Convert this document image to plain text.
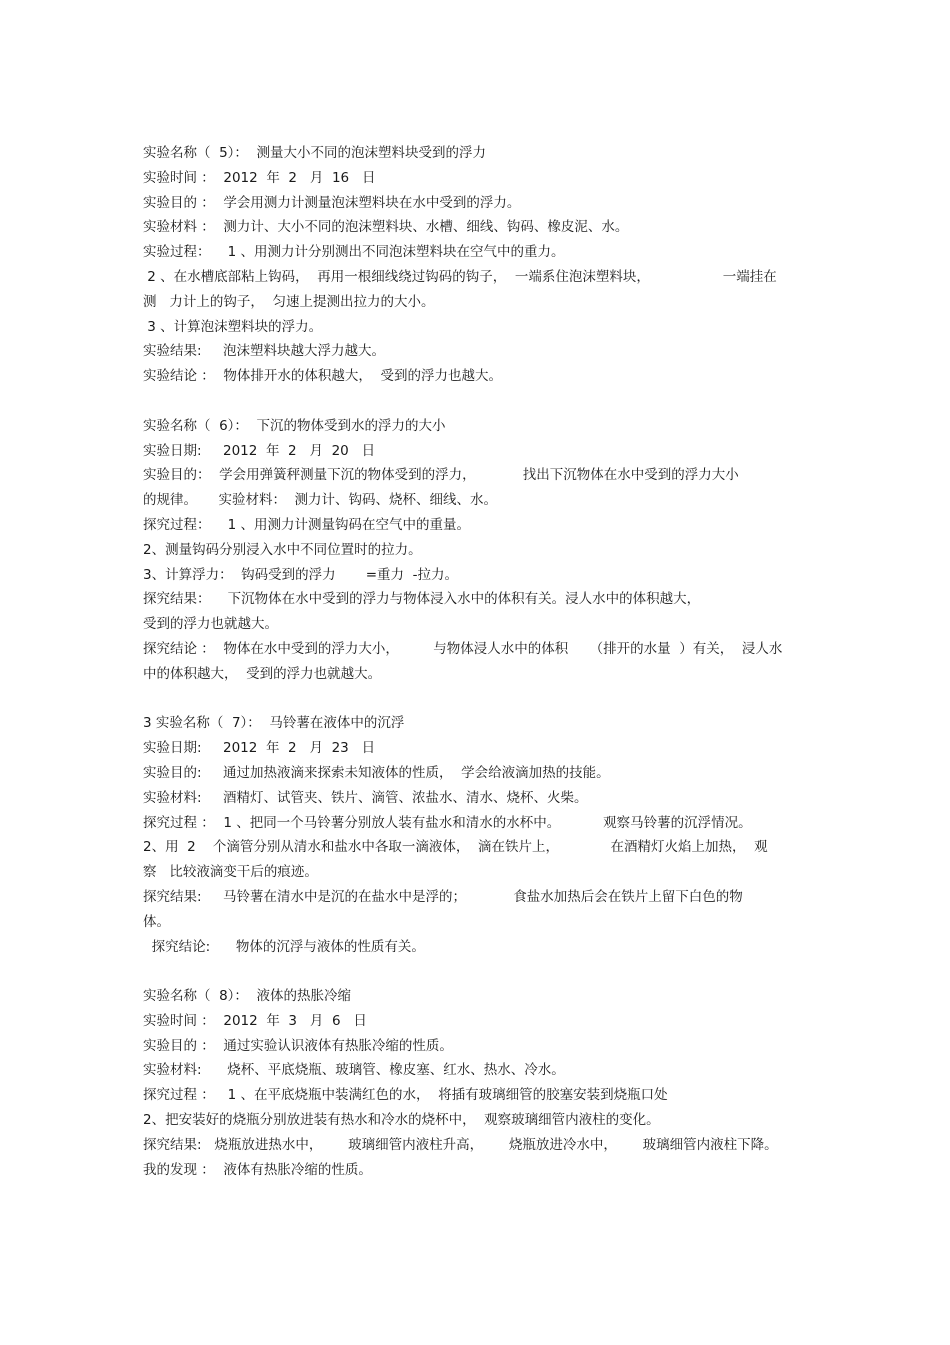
实验名称（  5）：  测量大小不同的泡沫塑料块受到的浮力
实验时间 ：  2012  年  2   月  16   日
实验目的 ：  学会用测力计测量泡沫塑料块在水中受到的浮力。
实验材料 ：  测力计、大小不同的泡沫塑料块、水槽、细线、钩码、橡皮泥、水。
实验过程：    1 、用测力计分别测出不同泡沫塑料块在空气中的重力。
2 、在水槽底部粘上钩码，  再用一根细线绕过钩码的钩子，  一端系住泡沫塑料块，                 一端挂在
测   力计上的钩子，  匀速上提测出拉力的大小。
3 、计算泡沫塑料块的浮力。
实验结果:     泡沫塑料块越大浮力越大。
实验结论 ：  物体排开水的体积越大，  受到的浮力也越大。
实验名称（  6）：  下沉的物体受到水的浮力的大小
实验日期:     2012  年  2   月  20   日
实验目的：  学会用弹簧秤测量下沉的物体受到的浮力，           找出下沉物体在水中受到的浮力大小
的规律。     实验材料：  测力计、钩码、烧杯、细线、水。
探究过程：    1 、用测力计测量钩码在空气中的重量。
2、测量钩码分别浸入水中不同位置时的拉力。
3、计算浮力：  钩码受到的浮力       =重力  -拉力。
探究结果：    下沉物体在水中受到的浮力与物体浸入水中的体积有关。浸人水中的体积越大，
受到的浮力也就越大。
探究结论 ：  物体在水中受到的浮力大小，        与物体浸人水中的体积     （排开的水量  ）有关，  浸人水
中的体积越大，  受到的浮力也就越大。
3 实验名称（  7）：  马铃薯在液体中的沉浮
实验日期:     2012  年  2   月  23   日
实验目的:     通过加热液滴来探索未知液体的性质，  学会给液滴加热的技能。
实验材料:     酒精灯、试管夹、铁片、滴管、浓盐水、清水、烧杯、火柴。
探究过程 ：  1 、把同一个马铃薯分别放人装有盐水和清水的水杯中。          观察马铃薯的沉浮情况。
2、用  2    个滴管分别从清水和盐水中各取一滴液体，  滴在铁片上，            在酒精灯火焰上加热，  观
察   比较液滴变干后的痕迹。
探究结果:     马铃薯在清水中是沉的在盐水中是浮的；           食盐水加热后会在铁片上留下白色的物
体。
探究结论:      物体的沉浮与液体的性质有关。
实验名称（  8）：  液体的热胀冷缩
实验时间 ：  2012  年  3   月  6   日
实验目的 ：  通过实验认识液体有热胀冷缩的性质。
实验材料:      烧杯、平底烧瓶、玻璃管、橡皮塞、红水、热水、冷水。
探究过程 ：   1 、在平底烧瓶中装满红色的水，  将插有玻璃细管的胶塞安装到烧瓶口处
2、把安装好的烧瓶分别放进装有热水和冷水的烧杯中，  观察玻璃细管内液柱的变化。
探究结果:   烧瓶放进热水中，      玻璃细管内液柱升高，      烧瓶放进冷水中，      玻璃细管内液柱下降。
我的发现 ：  液体有热胀冷缩的性质。
